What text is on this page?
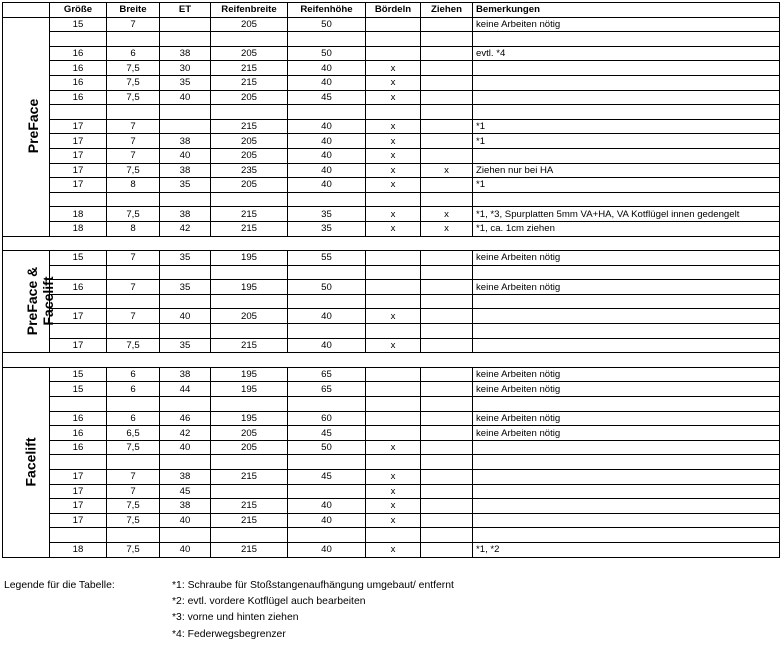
	Größe	Breite	ET	Reifenbreite	Reifenhöhe	Bördeln	Ziehen	Bemerkungen

PreFace	15	7		205	50			keine Arbeiten nötig

	16	6	38	205	50			evtl. *4
	16	7,5	30	215	40	x		
	16	7,5	35	215	40	x		
	16	7,5	40	205	45	x		

	17	7		215	40	x		*1
	17	7	38	205	40	x		*1
	17	7	40	205	40	x		
	17	7,5	38	235	40	x	x	Ziehen nur bei HA
	17	8	35	205	40	x		*1

	18	7,5	38	215	35	x	x	*1, *3, Spurplatten 5mm VA+HA, VA Kotflügel innen gedengelt
	18	8	42	215	35	x	x	*1, ca. 1cm ziehen

PreFace & Facelift	15	7	35	195	55			keine Arbeiten nötig

	16	7	35	195	50			keine Arbeiten nötig

	17	7	40	205	40	x		

	17	7,5	35	215	40	x		

Facelift	15	6	38	195	65			keine Arbeiten nötig
	15	6	44	195	65			keine Arbeiten nötig

	16	6	46	195	60			keine Arbeiten nötig
	16	6,5	42	205	45			keine Arbeiten nötig
	16	7,5	40	205	50	x		

	17	7	38	215	45	x		
	17	7	45			x		
	17	7,5	38	215	40	x		
	17	7,5	40	215	40	x		

	18	7,5	40	215	40	x		*1, *2
Legende für die Tabelle:	*1: Schraube für Stoßstangenaufhängung umgebaut/ entfernt
*2: evtl. vordere Kotflügel auch bearbeiten
*3: vorne und hinten ziehen
*4: Federwegsbegrenzer
